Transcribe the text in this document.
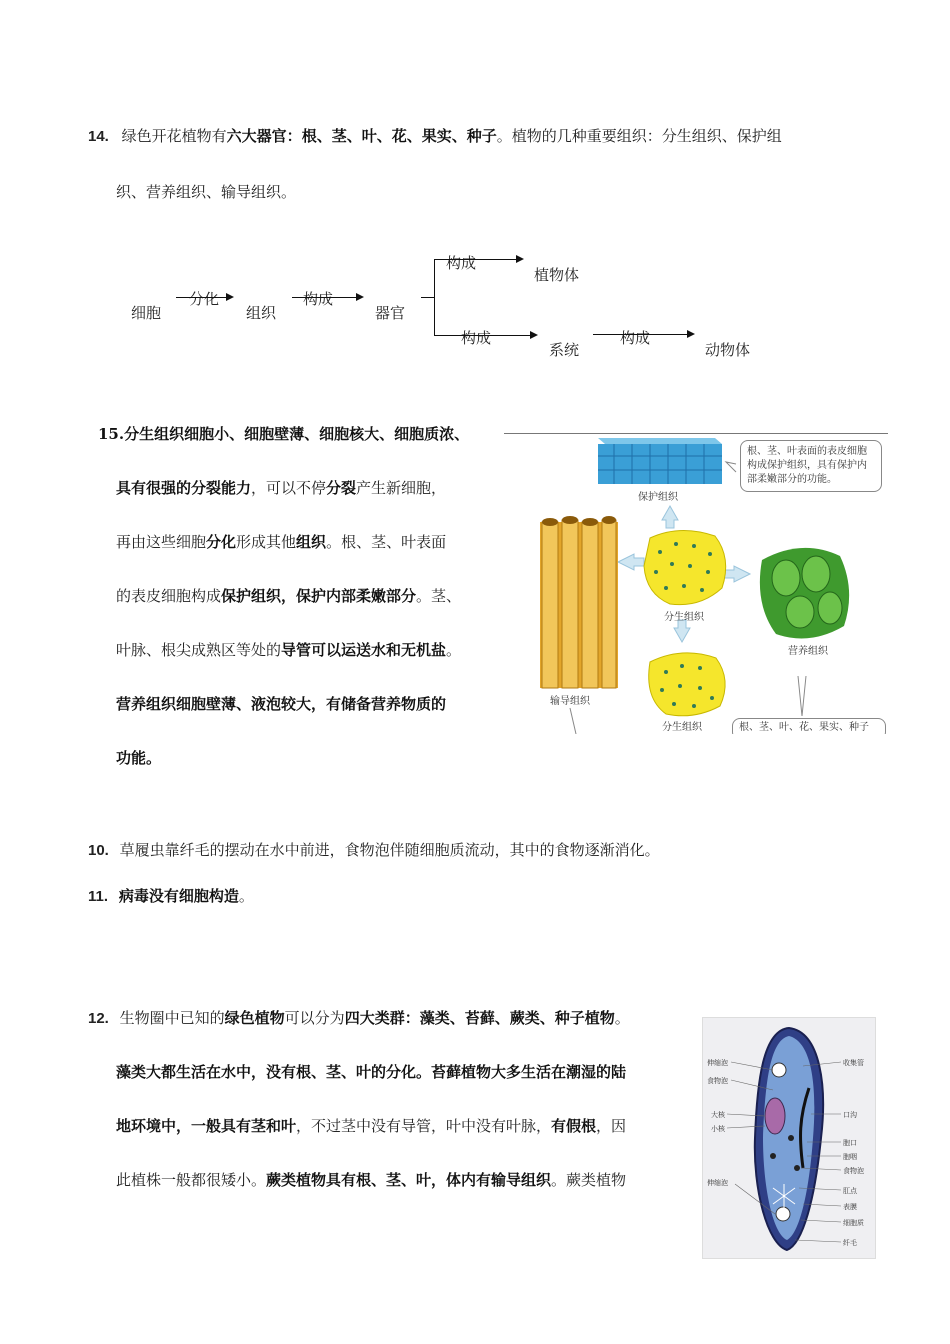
14. 绿色开花植物有六大器官：根、茎、叶、花、果实、种子。植物的几种重要组织：分生组织、保护组
织、营养组织、输导组织。
细胞
分化
组织
构成
器官
构成
植物体
构成
系统
构成
动物体
15.分生组织细胞小、细胞壁薄、细胞核大、细胞质浓、
具有很强的分裂能力，可以不停分裂产生新细胞，
再由这些细胞分化形成其他组织。根、茎、叶表面
的表皮细胞构成保护组织，保护内部柔嫩部分。茎、
叶脉、根尖成熟区等处的导管可以运送水和无机盐。
营养组织细胞壁薄、液泡较大，有储备营养物质的
功能。
保护组织
分生组织
营养组织
输导组织
分生组织
根、茎、叶表面的表皮细胞构成保护组织，具有保护内部柔嫩部分的功能。
根、茎、叶、花、果实、种子
10. 草履虫靠纤毛的摆动在水中前进，食物泡伴随细胞质流动，其中的食物逐渐消化。
11. 病毒没有细胞构造。
12. 生物圈中已知的绿色植物可以分为四大类群：藻类、苔藓、蕨类、种子植物。
藻类大都生活在水中，没有根、茎、叶的分化。苔藓植物大多生活在潮湿的陆
地环境中，一般具有茎和叶，不过茎中没有导管，叶中没有叶脉，有假根，因
此植株一般都很矮小。蕨类植物具有根、茎、叶，体内有输导组织。蕨类植物
伸缩泡
食物泡
大核
小核
伸缩泡
收集管
口沟
胞口
胞咽
食物泡
肛点
表膜
细胞质
纤毛
